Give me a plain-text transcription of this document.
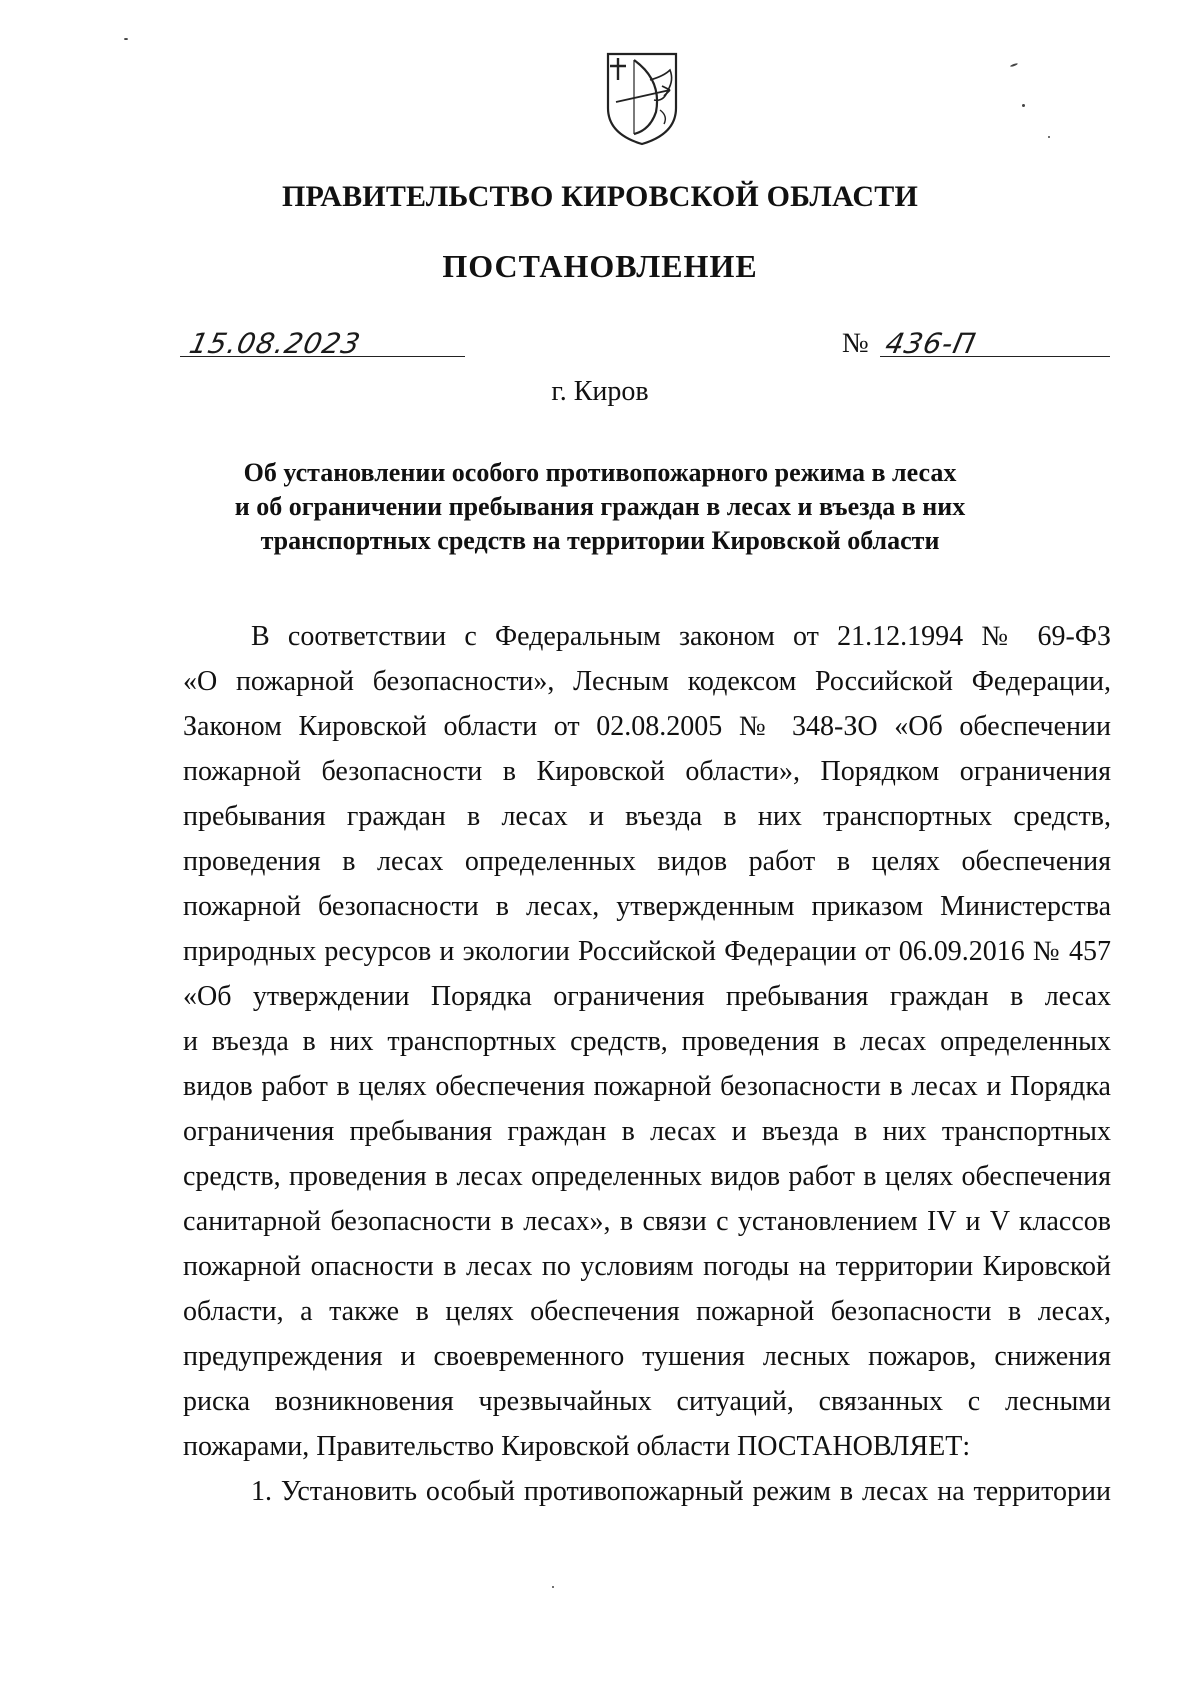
ПРАВИТЕЛЬСТВО КИРОВСКОЙ ОБЛАСТИ
ПОСТАНОВЛЕНИЕ
15.08.2023	№ 436-П
г. Киров
Об установлении особого противопожарного режима в лесах
и об ограничении пребывания граждан в лесах и въезда в них
транспортных средств на территории Кировской области
В соответствии с Федеральным законом от 21.12.1994 № 69-ФЗ
«О пожарной безопасности», Лесным кодексом Российской Федерации,
Законом Кировской области от 02.08.2005 № 348-ЗО «Об обеспечении
пожарной безопасности в Кировской области», Порядком ограничения
пребывания граждан в лесах и въезда в них транспортных средств,
проведения в лесах определенных видов работ в целях обеспечения
пожарной безопасности в лесах, утвержденным приказом Министерства
природных ресурсов и экологии Российской Федерации от 06.09.2016 № 457
«Об утверждении Порядка ограничения пребывания граждан в лесах
и въезда в них транспортных средств, проведения в лесах определенных
видов работ в целях обеспечения пожарной безопасности в лесах и Порядка
ограничения пребывания граждан в лесах и въезда в них транспортных
средств, проведения в лесах определенных видов работ в целях обеспечения
санитарной безопасности в лесах», в связи с установлением IV и V классов
пожарной опасности в лесах по условиям погоды на территории Кировской
области, а также в целях обеспечения пожарной безопасности в лесах,
предупреждения и своевременного тушения лесных пожаров, снижения
риска возникновения чрезвычайных ситуаций, связанных с лесными
пожарами, Правительство Кировской области ПОСТАНОВЛЯЕТ:
1. Установить особый противопожарный режим в лесах на территории
